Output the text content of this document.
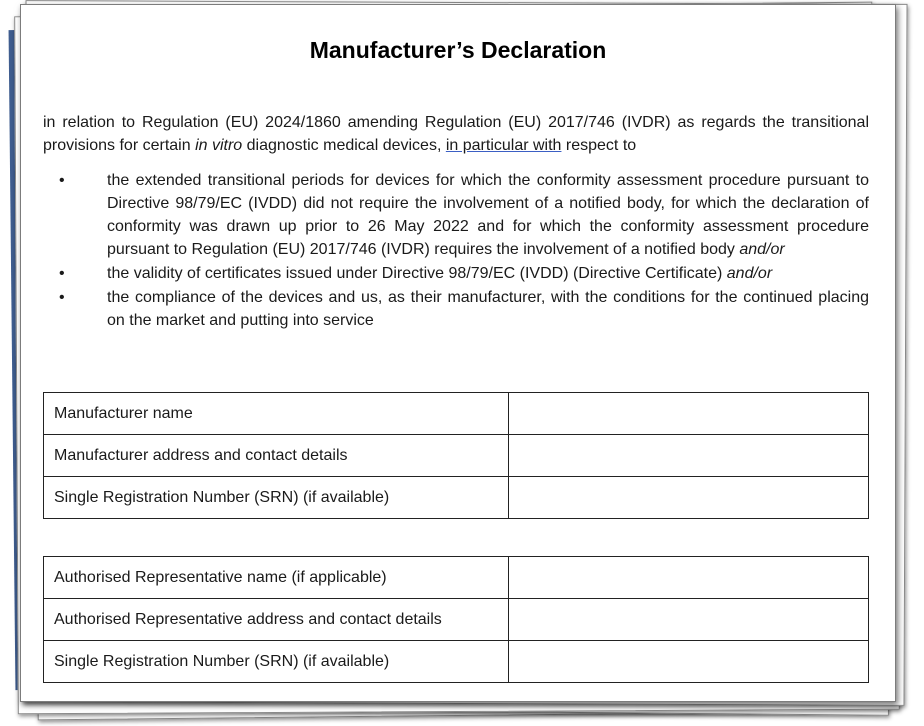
Manufacturer’s Declaration
in relation to Regulation (EU) 2024/1860 amending Regulation (EU) 2017/746 (IVDR) as regards the transitional provisions for certain in vitro diagnostic medical devices, in particular with respect to
• the extended transitional periods for devices for which the conformity assessment procedure pursuant to Directive 98/79/EC (IVDD) did not require the involvement of a notified body, for which the declaration of conformity was drawn up prior to 26 May 2022 and for which the conformity assessment procedure pursuant to Regulation (EU) 2017/746 (IVDR) requires the involvement of a notified body and/or
• the validity of certificates issued under Directive 98/79/EC (IVDD) (Directive Certificate) and/or
• the compliance of the devices and us, as their manufacturer, with the conditions for the continued placing on the market and putting into service
Manufacturer name	
Manufacturer address and contact details	
Single Registration Number (SRN) (if available)	
Authorised Representative name (if applicable)	
Authorised Representative address and contact details	
Single Registration Number (SRN) (if available)	
